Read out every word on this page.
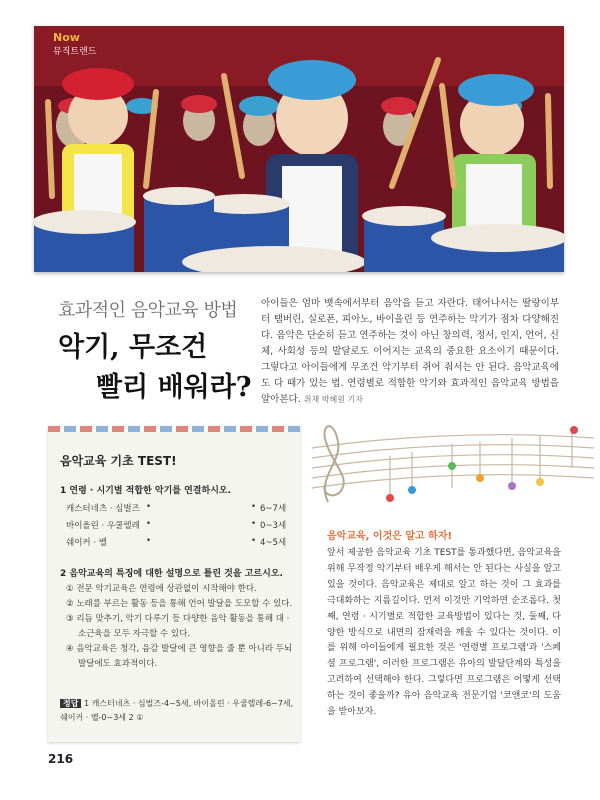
Now
뮤직트렌드
효과적인 음악교육 방법
악기, 무조건
빨리 배워라?
아이들은 엄마 뱃속에서부터 음악을 듣고 자란다. 태어나서는 딸랑이부터 탬버린, 실로폰, 피아노, 바이올린 등 연주하는 악기가 점차 다양해진다. 음악은 단순히 듣고 연주하는 것이 아닌 창의력, 정서, 인지, 언어, 신체, 사회성 등의 발달로도 이어지는 교육의 중요한 요소이기 때문이다. 그렇다고 아이들에게 무조건 악기부터 쥐어 줘서는 안 된다. 음악교육에도 다 때가 있는 법. 연령별로 적합한 악기와 효과적인 음악교육 방법을 알아본다. 취재 박혜원 기자
음악교육 기초 TEST!
1 연령 · 시기별 적합한 악기를 연결하시오.
캐스터네츠 · 심벌즈 •	• 6~7세
바이올린 · 우쿨렐레 •	• 0~3세
쉐이커 · 벨	•	• 4~5세
2 음악교육의 특징에 대한 설명으로 틀린 것을 고르시오.
① 전문 악기교육은 연령에 상관없이 시작해야 한다.
② 노래를 부르는 활동 등을 통해 언어 발달을 도모할 수 있다.
③ 리듬 맞추기, 악기 다루기 등 다양한 음악 활동을 통해 대 · 소근육을 모두 자극할 수 있다.
④ 음악교육은 청각, 음감 발달에 큰 영향을 줄 뿐 아니라 두뇌 발달에도 효과적이다.
정답 1 캐스터네츠 · 심벌즈-4~5세, 바이올린 · 우쿨렐레-6~7세, 쉐이커 · 벨-0~3세 2 ①
음악교육, 이것은 알고 하자!
앞서 제공한 음악교육 기초 TEST를 통과했다면, 음악교육을 위해 무작정 악기부터 배우게 해서는 안 된다는 사실을 알고 있을 것이다. 음악교육은 제대로 알고 하는 것이 그 효과를 극대화하는 지름길이다. 먼저 이것만 기억하면 순조롭다. 첫째, 연령 · 시기별로 적합한 교육방법이 있다는 것, 둘째, 다양한 방식으로 내면의 잠재력을 깨울 수 있다는 것이다. 이를 위해 아이들에게 필요한 것은 '연령별 프로그램'과 '스페셜 프로그램', 이러한 프로그램은 유아의 발달단계와 특성을 고려하여 선택해야 한다. 그렇다면 프로그램은 어떻게 선택하는 것이 좋을까? 유아 음악교육 전문기업 '코앤코'의 도움을 받아보자.
216
